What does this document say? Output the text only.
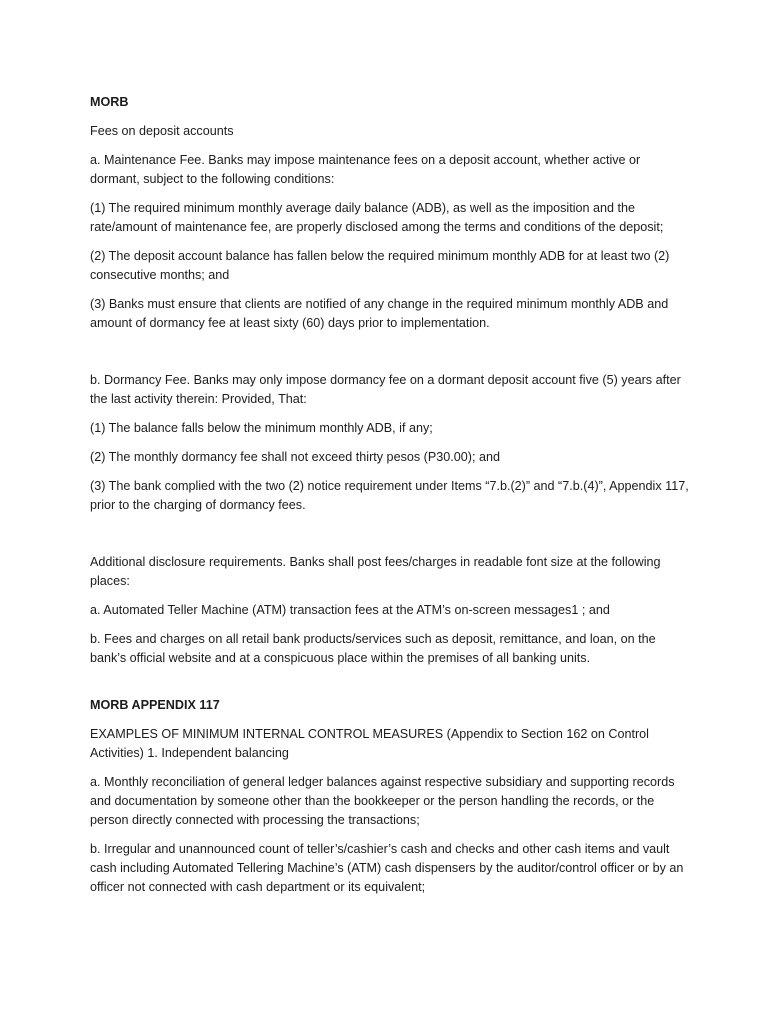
MORB

Fees on deposit accounts

a. Maintenance Fee. Banks may impose maintenance fees on a deposit account, whether active or dormant, subject to the following conditions:

(1) The required minimum monthly average daily balance (ADB), as well as the imposition and the rate/amount of maintenance fee, are properly disclosed among the terms and conditions of the deposit;

(2) The deposit account balance has fallen below the required minimum monthly ADB for at least two (2) consecutive months; and

(3) Banks must ensure that clients are notified of any change in the required minimum monthly ADB and amount of dormancy fee at least sixty (60) days prior to implementation.

b. Dormancy Fee. Banks may only impose dormancy fee on a dormant deposit account five (5) years after the last activity therein: Provided, That:

(1) The balance falls below the minimum monthly ADB, if any;

(2) The monthly dormancy fee shall not exceed thirty pesos (P30.00); and

(3) The bank complied with the two (2) notice requirement under Items “7.b.(2)” and “7.b.(4)”, Appendix 117, prior to the charging of dormancy fees.

Additional disclosure requirements. Banks shall post fees/charges in readable font size at the following places:

a. Automated Teller Machine (ATM) transaction fees at the ATM’s on-screen messages1 ; and

b. Fees and charges on all retail bank products/services such as deposit, remittance, and loan, on the bank’s official website and at a conspicuous place within the premises of all banking units.

MORB APPENDIX 117

EXAMPLES OF MINIMUM INTERNAL CONTROL MEASURES (Appendix to Section 162 on Control Activities) 1. Independent balancing

a. Monthly reconciliation of general ledger balances against respective subsidiary and supporting records and documentation by someone other than the bookkeeper or the person handling the records, or the person directly connected with processing the transactions;

b. Irregular and unannounced count of teller’s/cashier’s cash and checks and other cash items and vault cash including Automated Tellering Machine’s (ATM) cash dispensers by the auditor/control officer or by an officer not connected with cash department or its equivalent;
